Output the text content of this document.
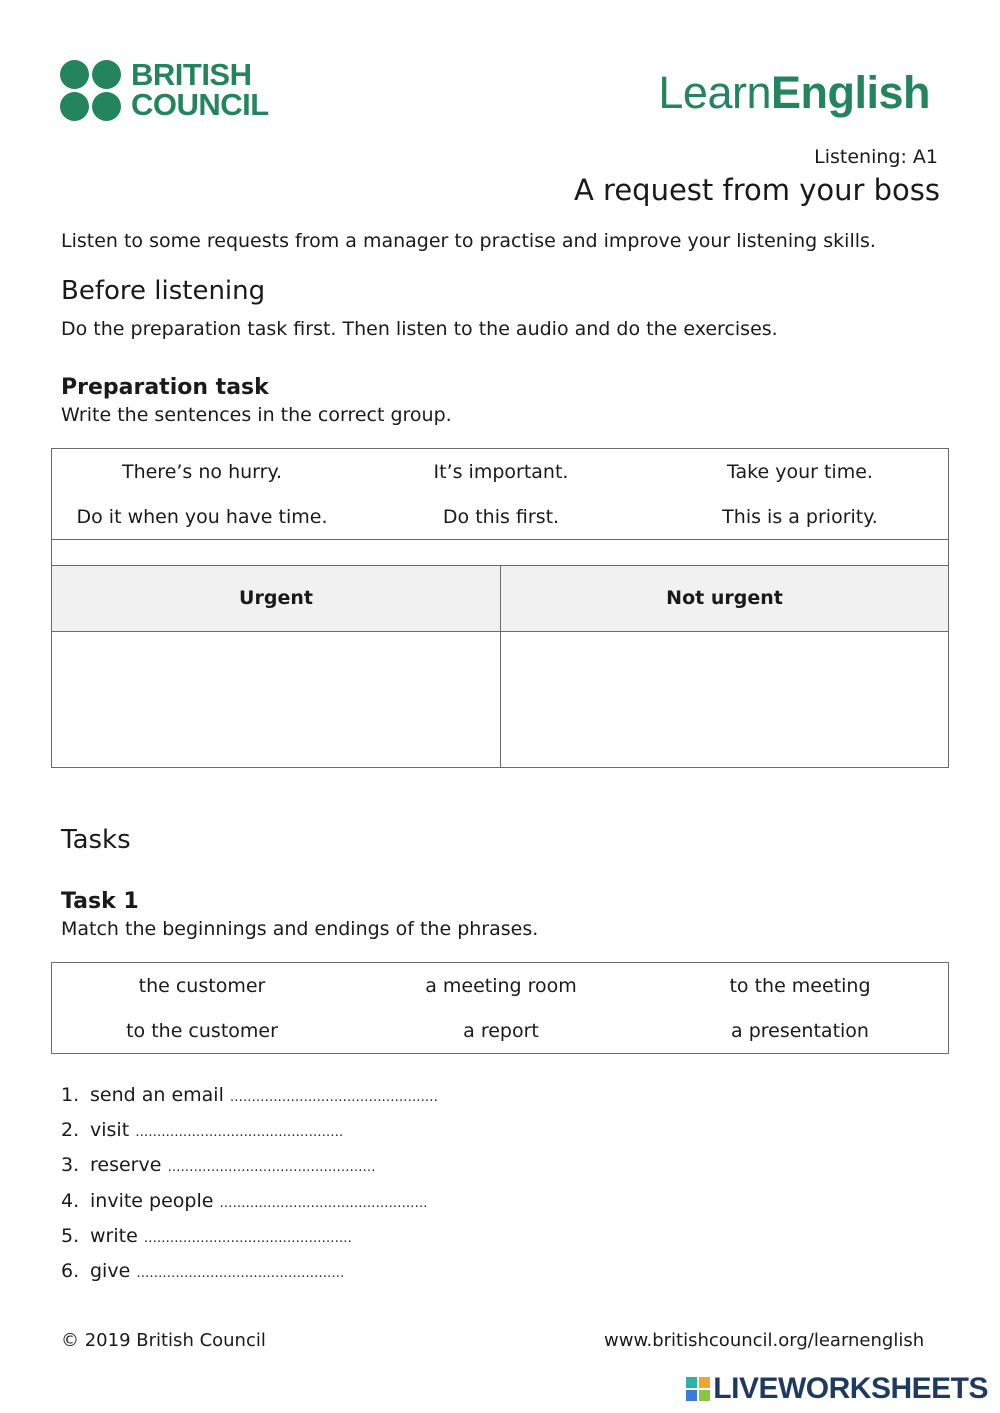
BRITISH
COUNCIL	LearnEnglish
Listening: A1
A request from your boss
Listen to some requests from a manager to practise and improve your listening skills.
Before listening
Do the preparation task first. Then listen to the audio and do the exercises.
Preparation task
Write the sentences in the correct group.
There’s no hurry.	It’s important.	Take your time.
Do it when you have time.	Do this first.	This is a priority.
Urgent	Not urgent
Tasks
Task 1
Match the beginnings and endings of the phrases.
the customer	a meeting room	to the meeting
to the customer	a report	a presentation
1. send an email …………………………………………
2. visit …………………………………………
3. reserve …………………………………………
4. invite people …………………………………………
5. write …………………………………………
6. give …………………………………………
© 2019 British Council	www.britishcouncil.org/learnenglish
LIVEWORKSHEETS
